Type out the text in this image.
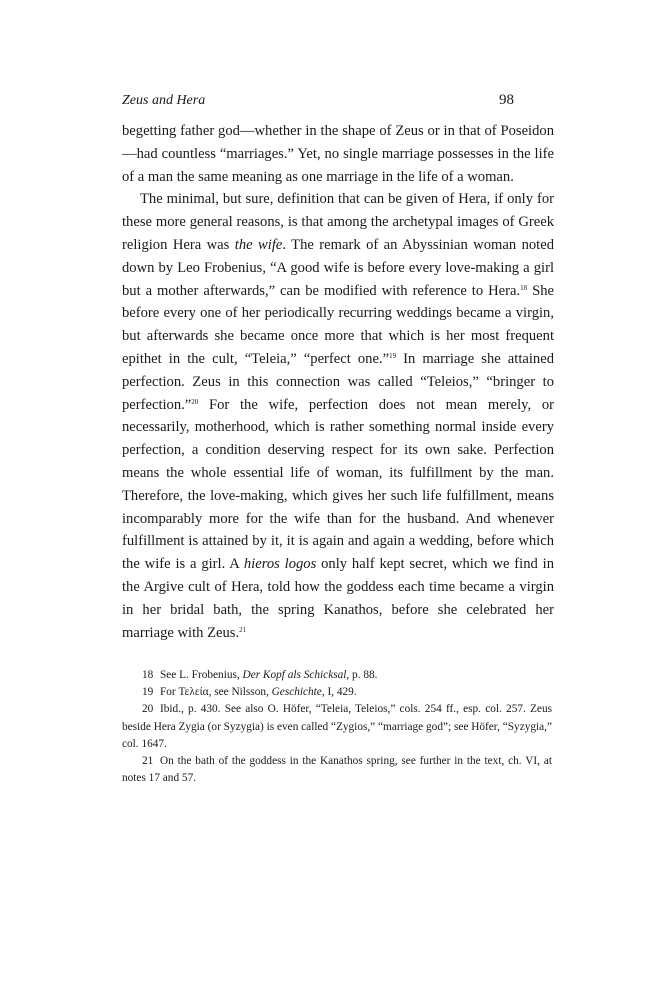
Zeus and Hera	98

begetting father god—whether in the shape of Zeus or in that of Poseidon—had countless “marriages.” Yet, no single marriage possesses in the life of a man the same meaning as one marriage in the life of a woman.

The minimal, but sure, definition that can be given of Hera, if only for these more general reasons, is that among the archetypal images of Greek religion Hera was the wife. The remark of an Abyssinian woman noted down by Leo Frobenius, “A good wife is before every love-making a girl but a mother afterwards,” can be modified with reference to Hera.$^{18}$ She before every one of her periodically recurring weddings became a virgin, but afterwards she became once more that which is her most frequent epithet in the cult, “Teleia,” “perfect one.”$^{19}$ In marriage she attained perfection. Zeus in this connection was called “Teleios,” “bringer to perfection.”$^{20}$ For the wife, perfection does not mean merely, or necessarily, motherhood, which is rather something normal inside every perfection, a condition deserving respect for its own sake. Perfection means the whole essential life of woman, its fulfillment by the man. Therefore, the love-making, which gives her such life fulfillment, means incomparably more for the wife than for the husband. And whenever fulfillment is attained by it, it is again and again a wedding, before which the wife is a girl. A hieros logos only half kept secret, which we find in the Argive cult of Hera, told how the goddess each time became a virgin in her bridal bath, the spring Kanathos, before she celebrated her marriage with Zeus.$^{21}$

18 See L. Frobenius, Der Kopf als Schicksal, p. 88.

19 For Τελεία, see Nilsson, Geschichte, I, 429.

20 Ibid., p. 430. See also O. Höfer, “Teleia, Teleios,” cols. 254 ff., esp. col. 257. Zeus beside Hera Zygia (or Syzygia) is even called “Zygios,” “marriage god”; see Höfer, “Syzygia,” col. 1647.

21 On the bath of the goddess in the Kanathos spring, see further in the text, ch. VI, at notes 17 and 57.
